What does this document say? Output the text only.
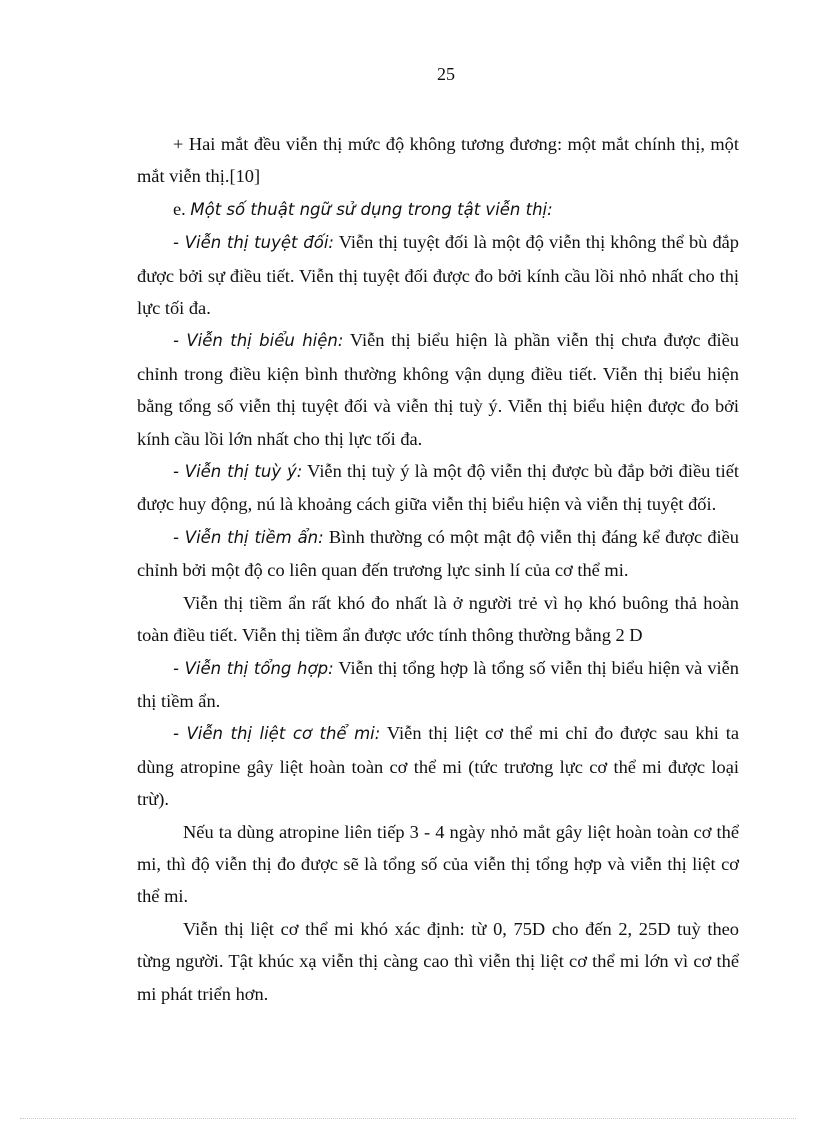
25

+ Hai mắt đều viễn thị mức độ không tương đương: một mắt chính thị, một mắt viễn thị.[10]

e. Một số thuật ngữ sử dụng trong tật viễn thị:

- Viễn thị tuyệt đối: Viễn thị tuyệt đối là một độ viễn thị không thể bù đắp được bởi sự điều tiết. Viễn thị tuyệt đối được đo bởi kính cầu lồi nhỏ nhất cho thị lực tối đa.

- Viễn thị biểu hiện: Viễn thị biểu hiện là phần viễn thị chưa được điều chỉnh trong điều kiện bình thường không vận dụng điều tiết. Viễn thị biểu hiện bằng tổng số viễn thị tuyệt đối và viễn thị tuỳ ý. Viễn thị biểu hiện được đo bởi kính cầu lồi lớn nhất cho thị lực tối đa.

- Viễn thị tuỳ ý: Viễn thị tuỳ ý là một độ viễn thị được bù đắp bởi điều tiết được huy động, nú là khoảng cách giữa viễn thị biểu hiện và viễn thị tuyệt đối.

- Viễn thị tiềm ẩn: Bình thường có một mật độ viễn thị đáng kể được điều chỉnh bởi một độ co liên quan đến trương lực sinh lí của cơ thể mi.

Viễn thị tiềm ẩn rất khó đo nhất là ở người trẻ vì họ khó buông thả hoàn toàn điều tiết. Viễn thị tiềm ẩn được ước tính thông thường bằng 2 D

- Viễn thị tổng hợp: Viễn thị tổng hợp là tổng số viễn thị biểu hiện và viễn thị tiềm ẩn.

- Viễn thị liệt cơ thể mi: Viễn thị liệt cơ thể mi chỉ đo được sau khi ta dùng atropine gây liệt hoàn toàn cơ thể mi (tức trương lực cơ thể mi được loại trừ).

Nếu ta dùng atropine liên tiếp 3 - 4 ngày nhỏ mắt gây liệt hoàn toàn cơ thể mi, thì độ viễn thị đo được sẽ là tổng số của viễn thị tổng hợp và viễn thị liệt cơ thể mi.

Viễn thị liệt cơ thể mi khó xác định: từ 0, 75D cho đến 2, 25D tuỳ theo từng người. Tật khúc xạ viễn thị càng cao thì viễn thị liệt cơ thể mi lớn vì cơ thể mi phát triển hơn.
